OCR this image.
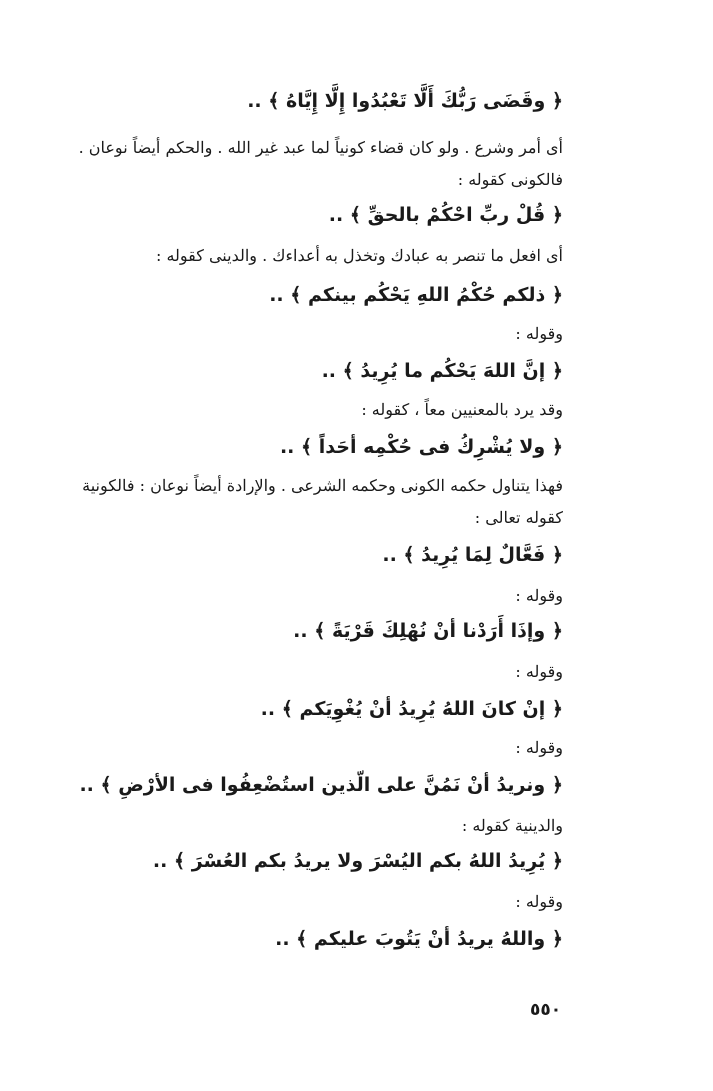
﴿ وقَضَى رَبُّكَ أَلَّا تَعْبُدُوا إِلَّا إِيَّاهُ ﴾ ..
أى أمر وشرع . ولو كان قضاء كونياً لما عبد غير الله . والحكم أيضاً نوعان .
فالكونى كقوله :
﴿ قُلْ ربِّ احْكُمْ بالحقِّ ﴾ ..
أى افعل ما تنصر به عبادك وتخذل به أعداءك . والدينى كقوله :
﴿ ذلكم حُكْمُ اللهِ يَحْكُم بينكم ﴾ ..
وقوله :
﴿ إنَّ اللهَ يَحْكُم ما يُرِيدُ ﴾ ..
وقد يرد بالمعنيين معاً ، كقوله :
﴿ ولا يُشْرِكُ فى حُكْمِه أحَداً ﴾ ..
فهذا يتناول حكمه الكونى وحكمه الشرعى . والإرادة أيضاً نوعان : فالكونية
كقوله تعالى :
﴿ فَعَّالٌ لِمَا يُرِيدُ ﴾ ..
وقوله :
﴿ وإذَا أَرَدْنا أنْ نُهْلِكَ قَرْيَةً ﴾ ..
وقوله :
﴿ إنْ كانَ اللهُ يُرِيدُ أنْ يُغْوِيَكم ﴾ ..
وقوله :
﴿ ونريدُ أنْ نَمُنَّ على الّذين استُضْعِفُوا فى الأرْضِ ﴾ ..
والدينية كقوله :
﴿ يُرِيدُ اللهُ بكم اليُسْرَ ولا يريدُ بكم العُسْرَ ﴾ ..
وقوله :
﴿ واللهُ يريدُ أنْ يَتُوبَ عليكم ﴾ ..
٥٥٠
